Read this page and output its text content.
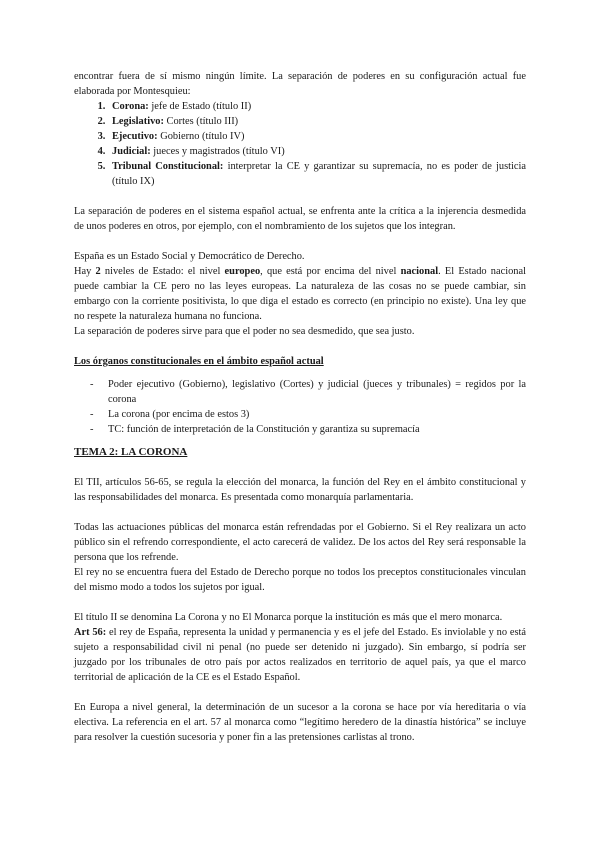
encontrar fuera de sí mismo ningún límite. La separación de poderes en su configuración actual fue elaborada por Montesquieu:

1. Corona: jefe de Estado (título II)
2. Legislativo: Cortes (título III)
3. Ejecutivo: Gobierno (título IV)
4. Judicial: jueces y magistrados (título VI)
5. Tribunal Constitucional: interpretar la CE y garantizar su supremacía, no es poder de justicia (título IX)

La separación de poderes en el sistema español actual, se enfrenta ante la crítica a la injerencia desmedida de unos poderes en otros, por ejemplo, con el nombramiento de los sujetos que los integran.

España es un Estado Social y Democrático de Derecho.

Hay 2 niveles de Estado: el nivel europeo, que está por encima del nivel nacional. El Estado nacional puede cambiar la CE pero no las leyes europeas. La naturaleza de las cosas no se puede cambiar, sin embargo con la corriente positivista, lo que diga el estado es correcto (en principio no existe). Una ley que no respete la naturaleza humana no funciona.

La separación de poderes sirve para que el poder no sea desmedido, que sea justo.

Los órganos constitucionales en el ámbito español actual

- Poder ejecutivo (Gobierno), legislativo (Cortes) y judicial (jueces y tribunales) = regidos por la corona
- La corona (por encima de estos 3)
- TC: función de interpretación de la Constitución y garantiza su supremacía

TEMA 2: LA CORONA

El TII, artículos 56-65, se regula la elección del monarca, la función del Rey en el ámbito constitucional y las responsabilidades del monarca. Es presentada como monarquía parlamentaria.

Todas las actuaciones públicas del monarca están refrendadas por el Gobierno. Si el Rey realizara un acto público sin el refrendo correspondiente, el acto carecerá de validez. De los actos del Rey será responsable la persona que los refrende.

El rey no se encuentra fuera del Estado de Derecho porque no todos los preceptos constitucionales vinculan del mismo modo a todos los sujetos por igual.

El título II se denomina La Corona y no El Monarca porque la institución es más que el mero monarca.

Art 56: el rey de España, representa la unidad y permanencia y es el jefe del Estado. Es inviolable y no está sujeto a responsabilidad civil ni penal (no puede ser detenido ni juzgado). Sin embargo, sí podría ser juzgado por los tribunales de otro país por actos realizados en territorio de aquel país, ya que el marco territorial de aplicación de la CE es el Estado Español.

En Europa a nivel general, la determinación de un sucesor a la corona se hace por vía hereditaria o vía electiva. La referencia en el art. 57 al monarca como “legítimo heredero de la dinastía histórica” se incluye para resolver la cuestión sucesoria y poner fin a las pretensiones carlistas al trono.
